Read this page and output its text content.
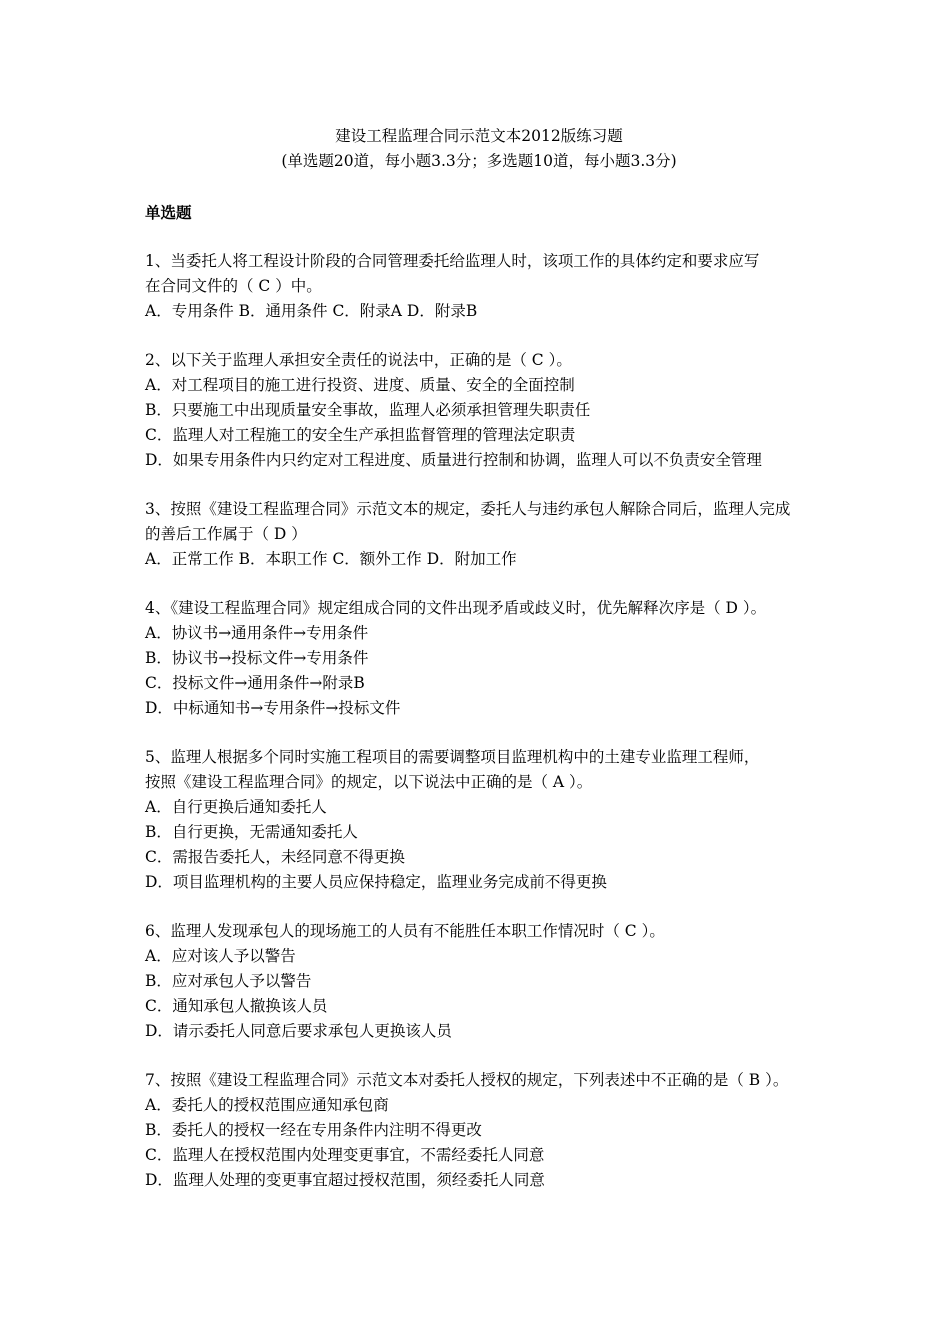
建设工程监理合同示范文本2012版练习题

(单选题20道，每小题3.3分；多选题10道，每小题3.3分)

单选题

1、当委托人将工程设计阶段的合同管理委托给监理人时，该项工作的具体约定和要求应写

在合同文件的（ C ）中。

A．专用条件 B．通用条件 C．附录A D．附录B

2、以下关于监理人承担安全责任的说法中，正确的是（ C ）。

A．对工程项目的施工进行投资、进度、质量、安全的全面控制

B．只要施工中出现质量安全事故，监理人必须承担管理失职责任

C．监理人对工程施工的安全生产承担监督管理的管理法定职责

D．如果专用条件内只约定对工程进度、质量进行控制和协调，监理人可以不负责安全管理

3、按照《建设工程监理合同》示范文本的规定，委托人与违约承包人解除合同后，监理人完成

的善后工作属于（ D ）

A．正常工作 B．本职工作 C．额外工作 D．附加工作

4、《建设工程监理合同》规定组成合同的文件出现矛盾或歧义时，优先解释次序是（ D ）。

A．协议书→通用条件→专用条件

B．协议书→投标文件→专用条件

C．投标文件→通用条件→附录B

D．中标通知书→专用条件→投标文件

5、监理人根据多个同时实施工程项目的需要调整项目监理机构中的土建专业监理工程师，

按照《建设工程监理合同》的规定，以下说法中正确的是（ A ）。

A．自行更换后通知委托人

B．自行更换，无需通知委托人

C．需报告委托人，未经同意不得更换

D．项目监理机构的主要人员应保持稳定，监理业务完成前不得更换

6、监理人发现承包人的现场施工的人员有不能胜任本职工作情况时（ C ）。

A．应对该人予以警告

B．应对承包人予以警告

C．通知承包人撤换该人员

D．请示委托人同意后要求承包人更换该人员

7、按照《建设工程监理合同》示范文本对委托人授权的规定，下列表述中不正确的是（ B ）。

A．委托人的授权范围应通知承包商

B．委托人的授权一经在专用条件内注明不得更改

C．监理人在授权范围内处理变更事宜，不需经委托人同意

D．监理人处理的变更事宜超过授权范围，须经委托人同意
